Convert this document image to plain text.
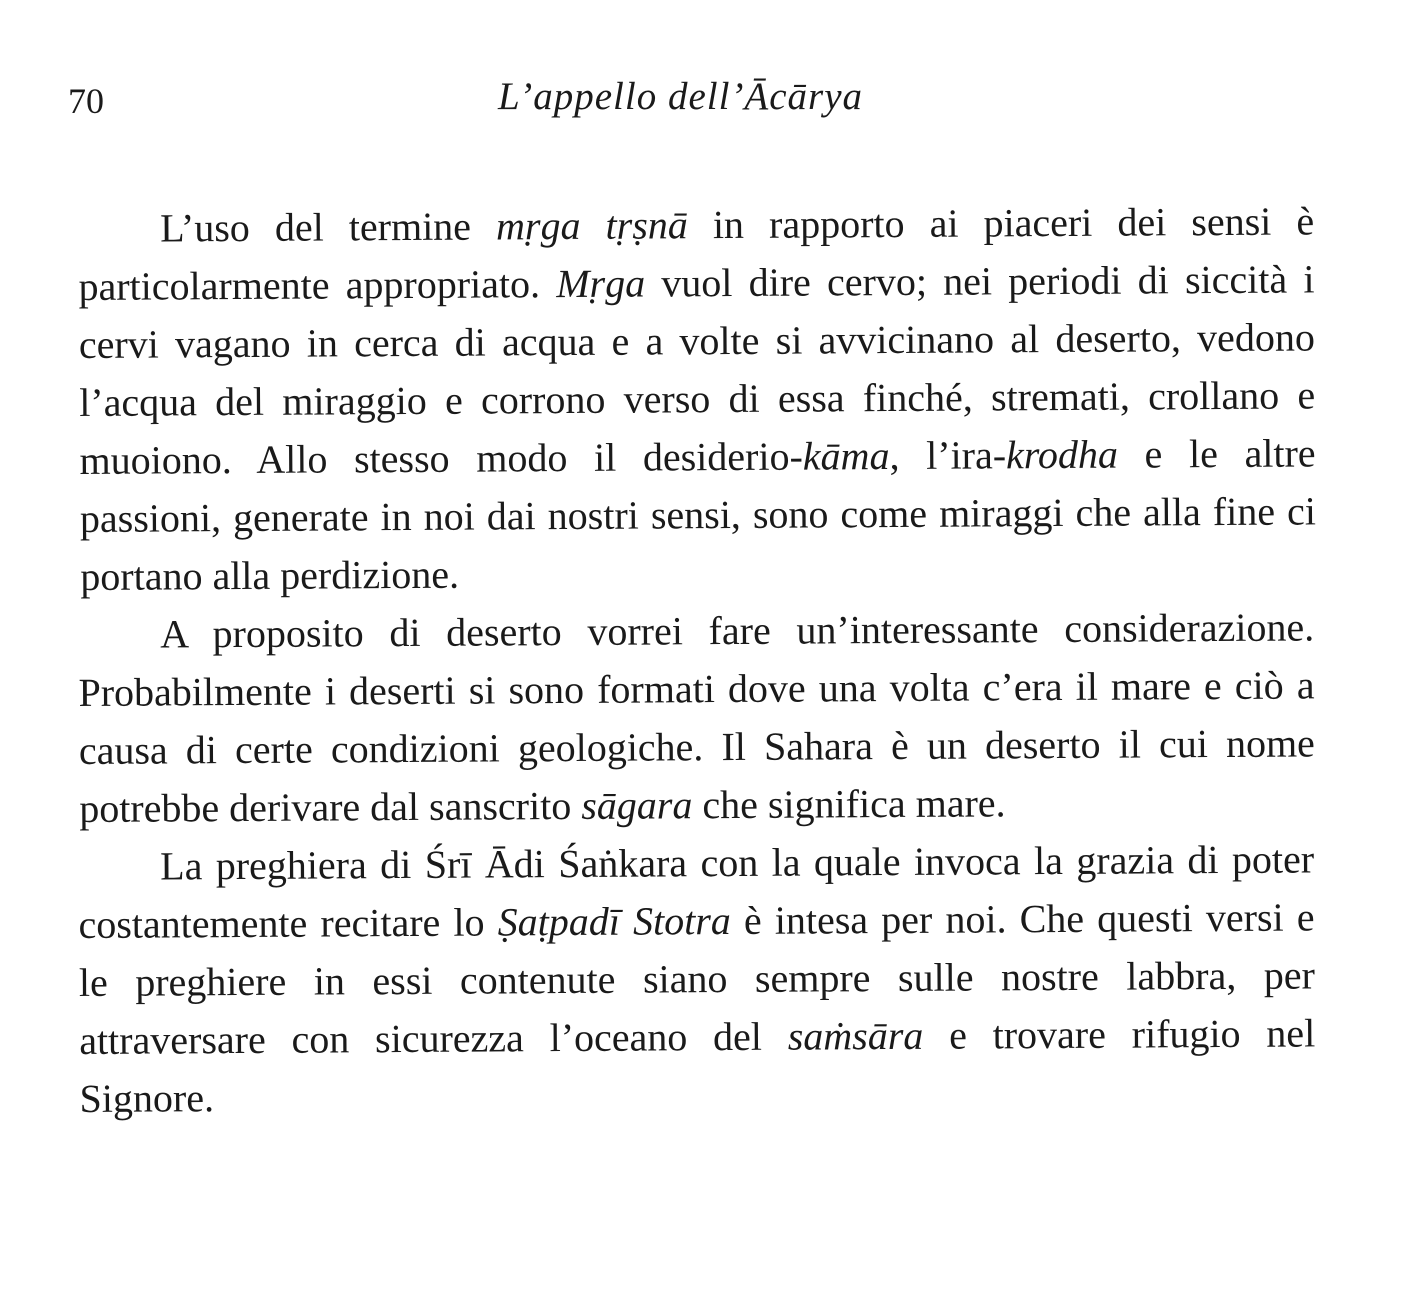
70	L’appello dell’Ācārya

L’uso del termine mṛga tṛṣnā in rapporto ai piaceri dei sensi è particolarmente appropriato. Mṛga vuol dire cervo; nei periodi di siccità i cervi vagano in cerca di acqua e a volte si avvicinano al deserto, vedono l’acqua del miraggio e corrono verso di essa finché, stremati, crollano e muoiono. Allo stesso modo il desiderio-kāma, l’ira-krodha e le altre passioni, generate in noi dai nostri sensi, sono come miraggi che alla fine ci portano alla perdizione.

A proposito di deserto vorrei fare un’interessante considerazione. Probabilmente i deserti si sono formati dove una volta c’era il mare e ciò a causa di certe condizioni geologiche. Il Sahara è un deserto il cui nome potrebbe derivare dal sanscrito sāgara che significa mare.

La preghiera di Śrī Ādi Śaṅkara con la quale invoca la grazia di poter costantemente recitare lo Ṣaṭpadī Stotra è intesa per noi. Che questi versi e le preghiere in essi contenute siano sempre sulle nostre labbra, per attraversare con sicurezza l’oceano del saṁsāra e trovare rifugio nel Signore.
